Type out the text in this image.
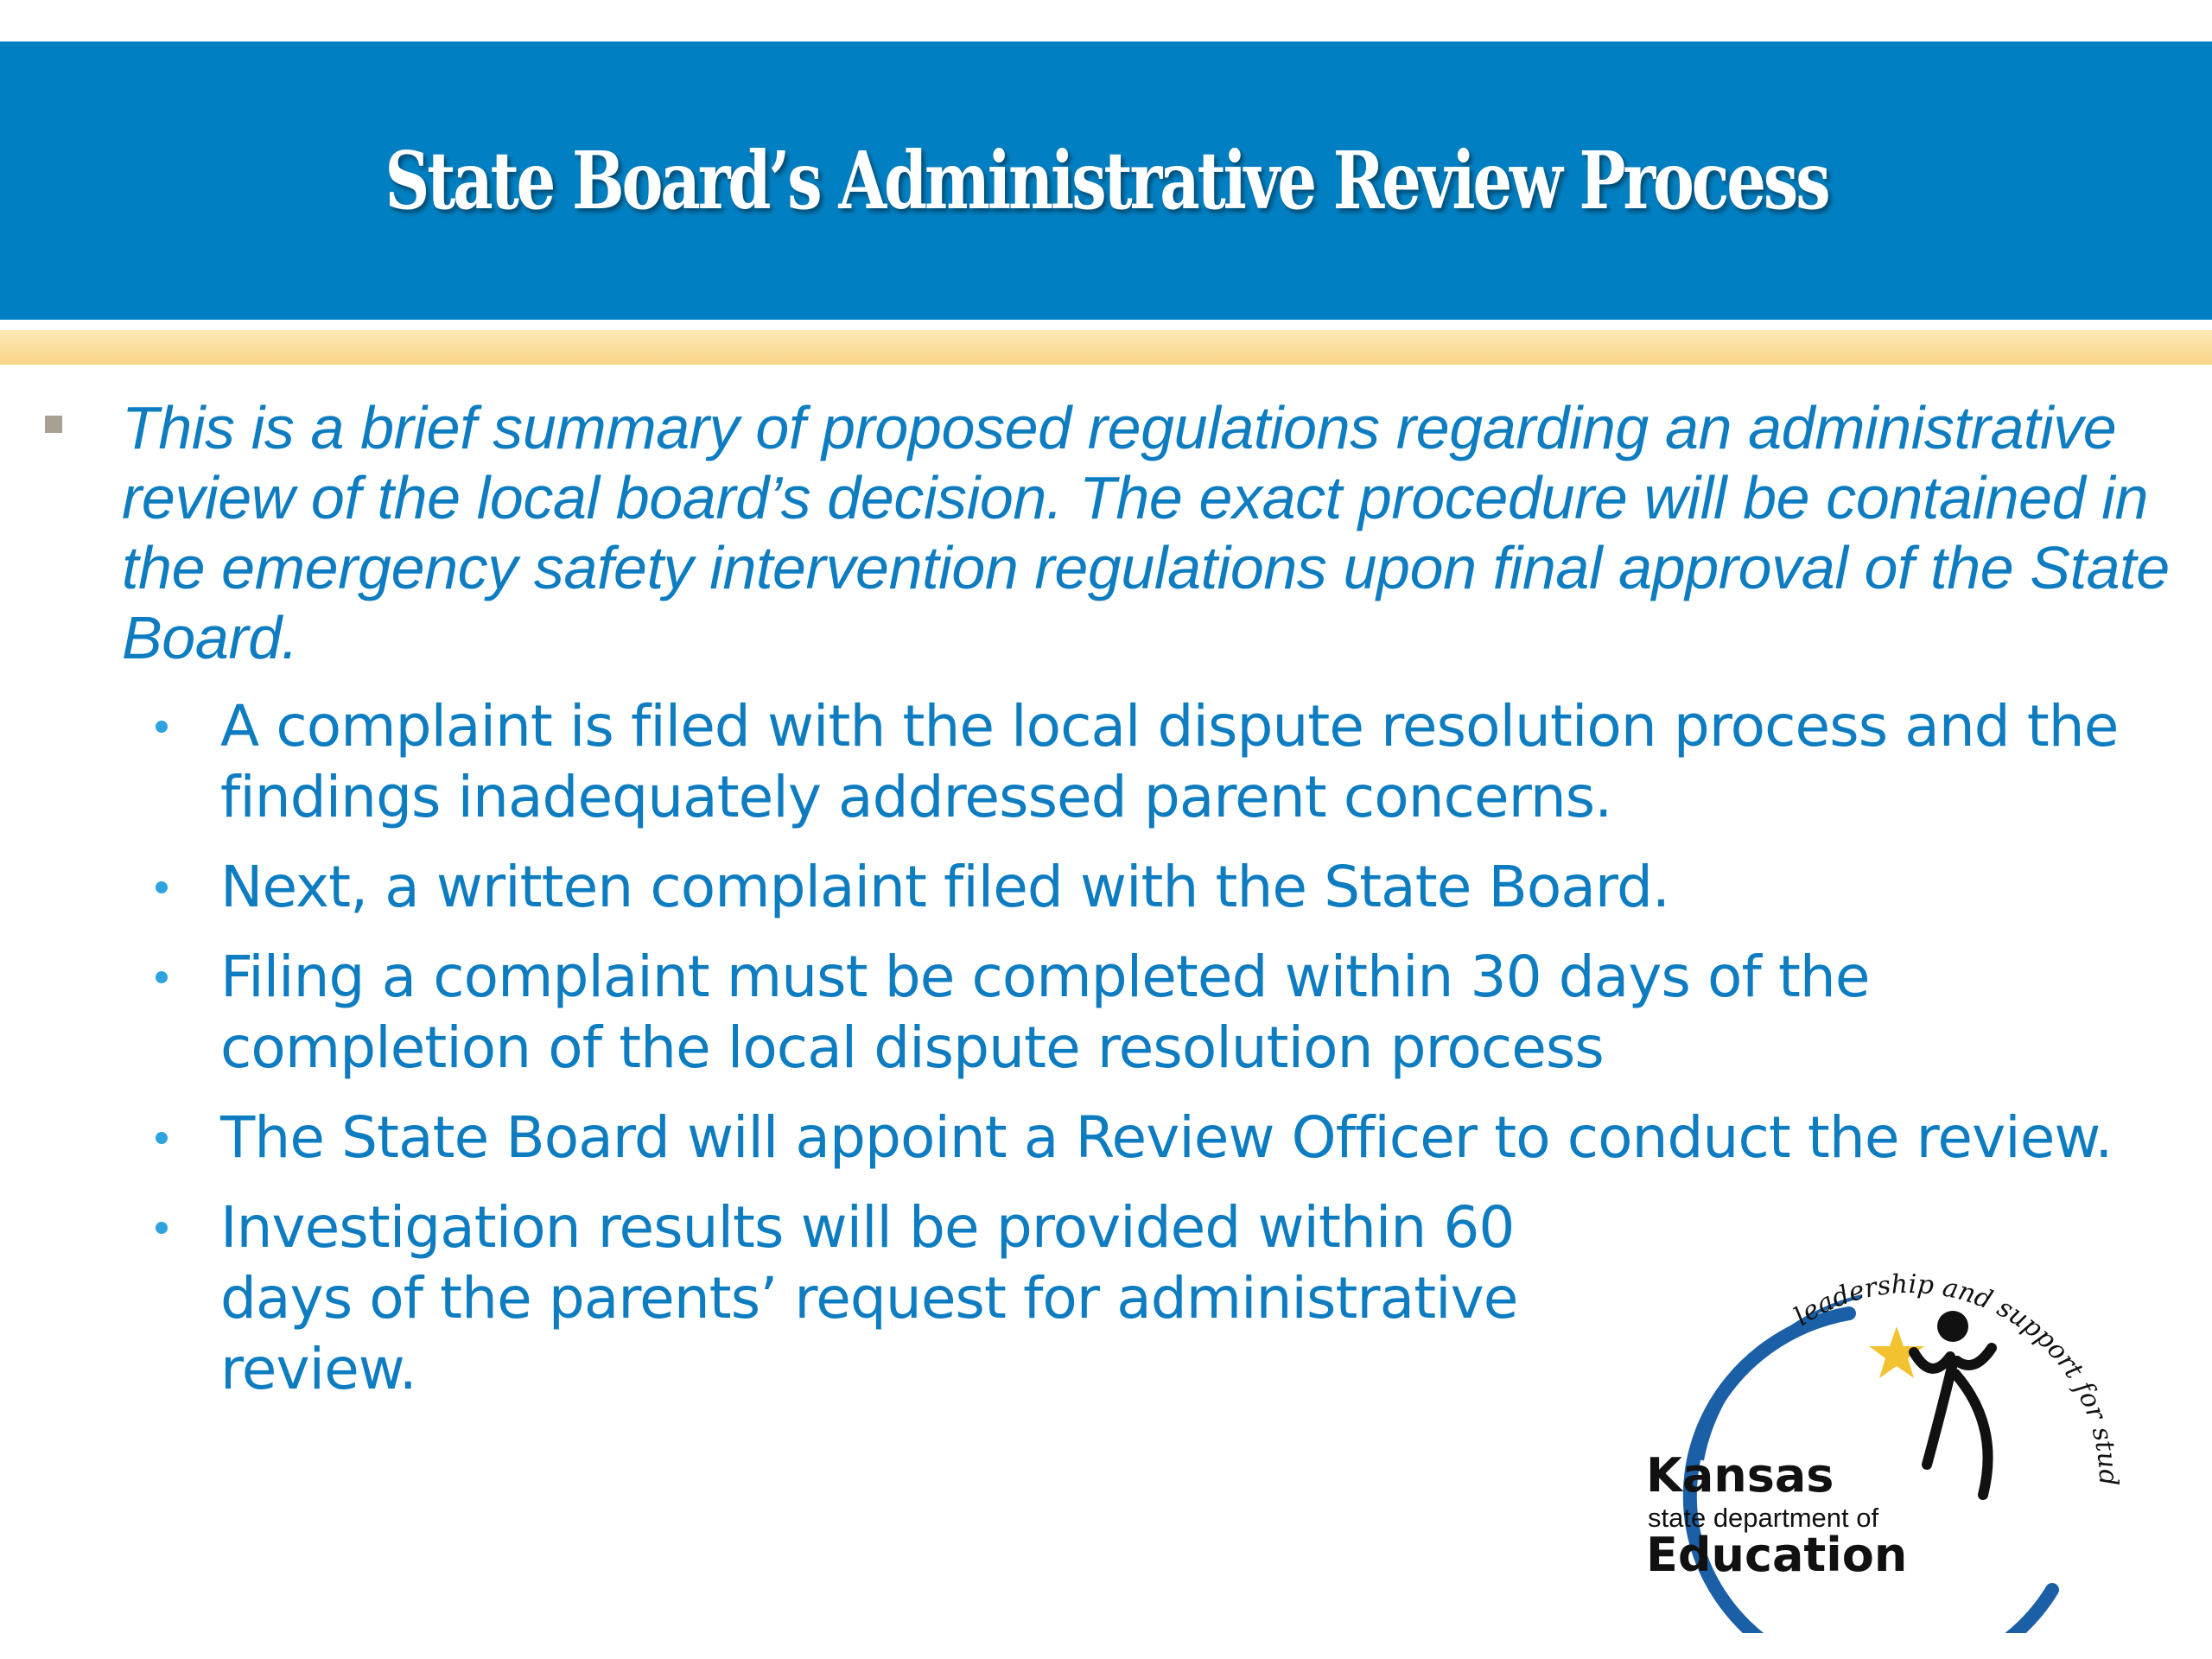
State Board’s Administrative Review Process

This is a brief summary of proposed regulations regarding an administrative review of the local board’s decision. The exact procedure will be contained in the emergency safety intervention regulations upon final approval of the State Board.

A complaint is filed with the local dispute resolution process and the findings inadequately addressed parent concerns.
Next, a written complaint filed with the State Board.
Filing a complaint must be completed within 30 days of the completion of the local dispute resolution process
The State Board will appoint a Review Officer to conduct the review.
Investigation results will be provided within 60 days of the parents’ request for administrative review.
leadership and support for stud
Kansas
state department of
Education
